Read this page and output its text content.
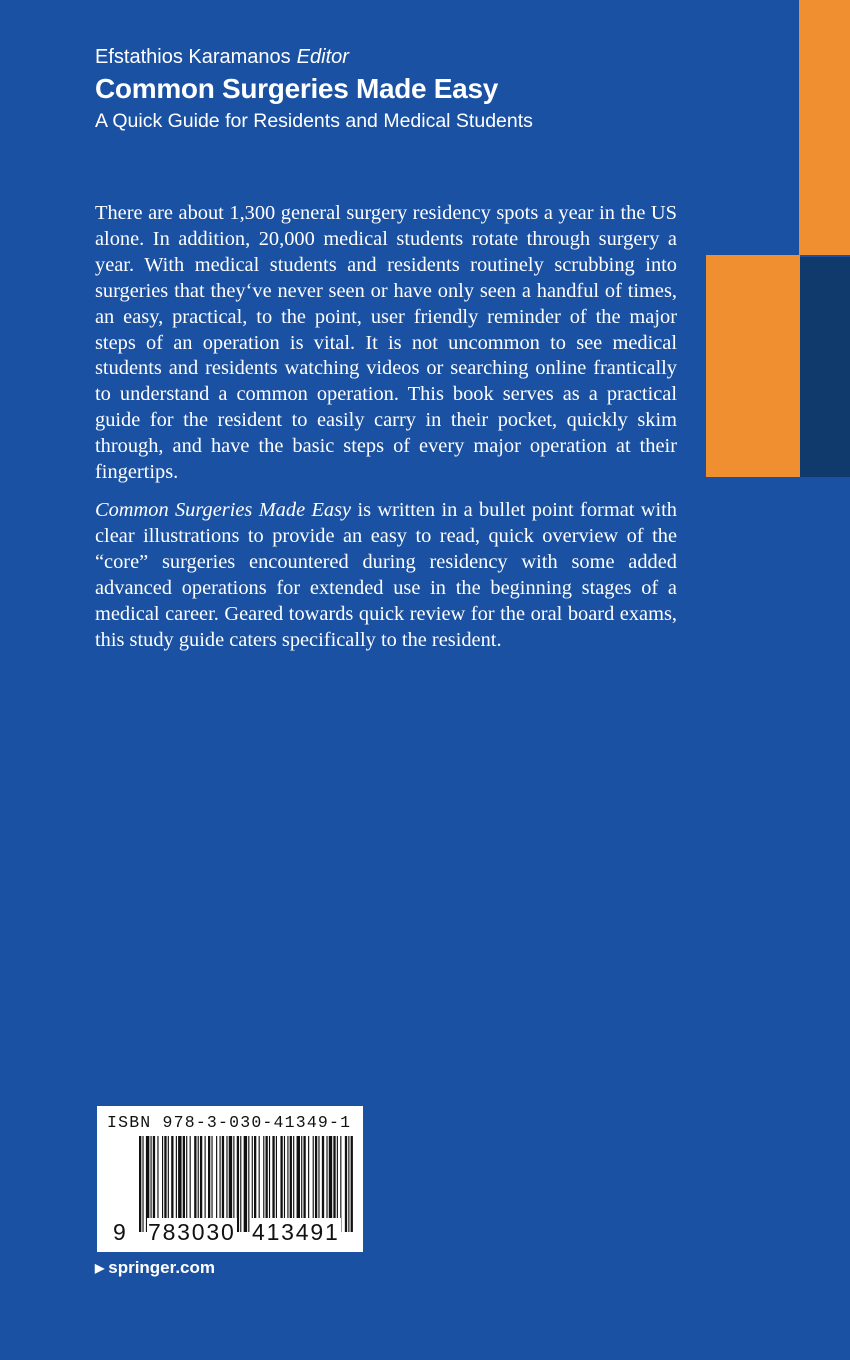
Efstathios Karamanos Editor
Common Surgeries Made Easy
A Quick Guide for Residents and Medical Students

There are about 1,300 general surgery residency spots a year in the US alone. In addition, 20,000 medical students rotate through surgery a year. With medical students and residents routinely scrubbing into surgeries that they‘ve never seen or have only seen a handful of times, an easy, practical, to the point, user friendly reminder of the major steps of an operation is vital. It is not uncommon to see medical students and residents watching videos or searching online frantically to understand a common operation. This book serves as a practical guide for the resident to easily carry in their pocket, quickly skim through, and have the basic steps of every major operation at their fingertips.

Common Surgeries Made Easy is written in a bullet point format with clear illustrations to provide an easy to read, quick overview of the “core” surgeries encountered during residency with some added advanced operations for extended use in the beginning stages of a medical career. Geared towards quick review for the oral board exams, this study guide caters specifically to the resident.

ISBN 978-3-030-41349-1
9 783030 413491
▶ springer.com
